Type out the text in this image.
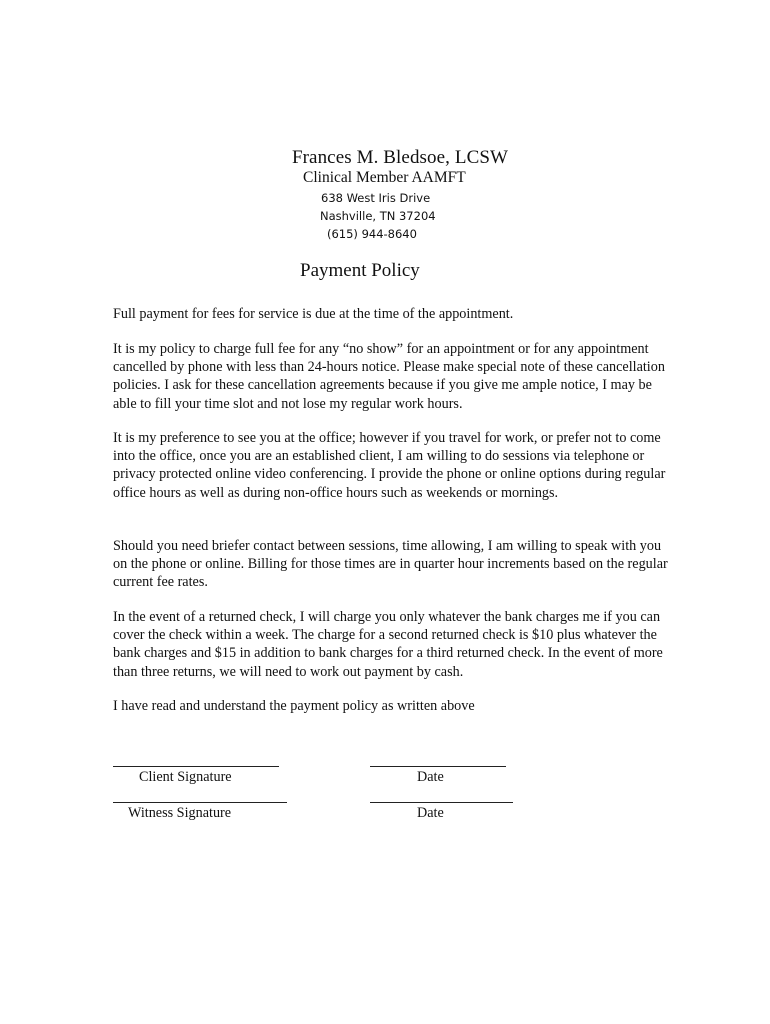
Frances M. Bledsoe, LCSW
Clinical Member AAMFT
638 West Iris Drive
Nashville, TN 37204
(615) 944-8640
Payment Policy
Full payment for fees for service is due at the time of the appointment.
It is my policy to charge full fee for any “no show” for an appointment or for any appointment cancelled by phone with less than 24-hours notice. Please make special note of these cancellation policies. I ask for these cancellation agreements because if you give me ample notice, I may be able to fill your time slot and not lose my regular work hours.
It is my preference to see you at the office; however if you travel for work, or prefer not to come into the office, once you are an established client, I am willing to do sessions via telephone or privacy protected online video conferencing. I provide the phone or online options during regular office hours as well as during non-office hours such as weekends or mornings.
Should you need briefer contact between sessions, time allowing, I am willing to speak with you on the phone or online. Billing for those times are in quarter hour increments based on the regular current fee rates.
In the event of a returned check, I will charge you only whatever the bank charges me if you can cover the check within a week. The charge for a second returned check is $10 plus whatever the bank charges and $15 in addition to bank charges for a third returned check. In the event of more than three returns, we will need to work out payment by cash.
I have read and understand the payment policy as written above
Client Signature	Date
Witness Signature	Date
